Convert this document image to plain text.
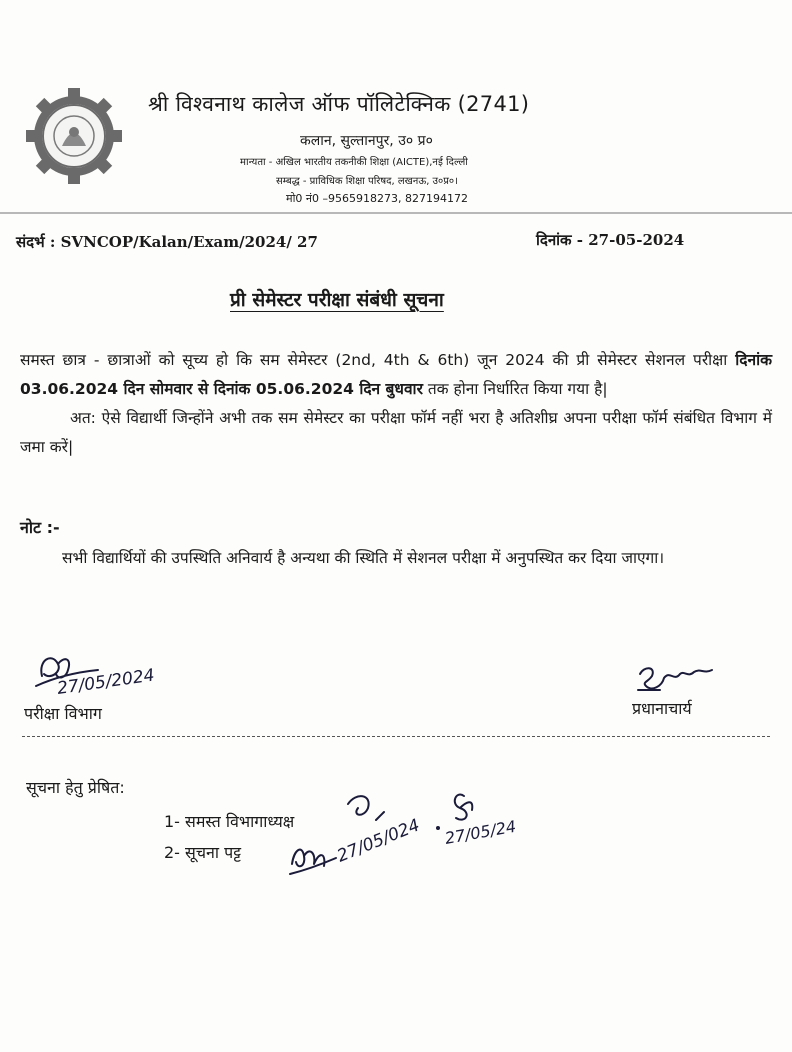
श्री विश्वनाथ कालेज ऑफ पॉलिटेक्निक (2741)
कलान, सुल्तानपुर, उ० प्र०
मान्यता - अखिल भारतीय तकनीकी शिक्षा (AICTE),नई दिल्ली
सम्बद्ध - प्राविधिक शिक्षा परिषद, लखनऊ, उ०प्र०।
मो0 नं0 –9565918273, 827194172
संदर्भ : SVNCOP/Kalan/Exam/2024/ 27	दिनांक - 27-05-2024
प्री सेमेस्टर परीक्षा संबंधी सूचना

समस्त छात्र - छात्राओं को सूच्य हो कि सम सेमेस्टर (2nd, 4th & 6th) जून 2024 की प्री सेमेस्टर सेशनल परीक्षा दिनांक 03.06.2024 दिन सोमवार से दिनांक 05.06.2024 दिन बुधवार तक होना निर्धारित किया गया है|

अत: ऐसे विद्यार्थी जिन्होंने अभी तक सम सेमेस्टर का परीक्षा फॉर्म नहीं भरा है अतिशीघ्र अपना परीक्षा फॉर्म संबंधित विभाग में जमा करें|

नोट :-
सभी विद्यार्थियों की उपस्थिति अनिवार्य है अन्यथा की स्थिति में सेशनल परीक्षा में अनुपस्थित कर दिया जाएगा।
27/05/2024
परीक्षा विभाग	प्रधानाचार्य
सूचना हेतु प्रेषित:
1- समस्त विभागाध्यक्ष
2- सूचना पट्ट	27/05/024 27/05/24
